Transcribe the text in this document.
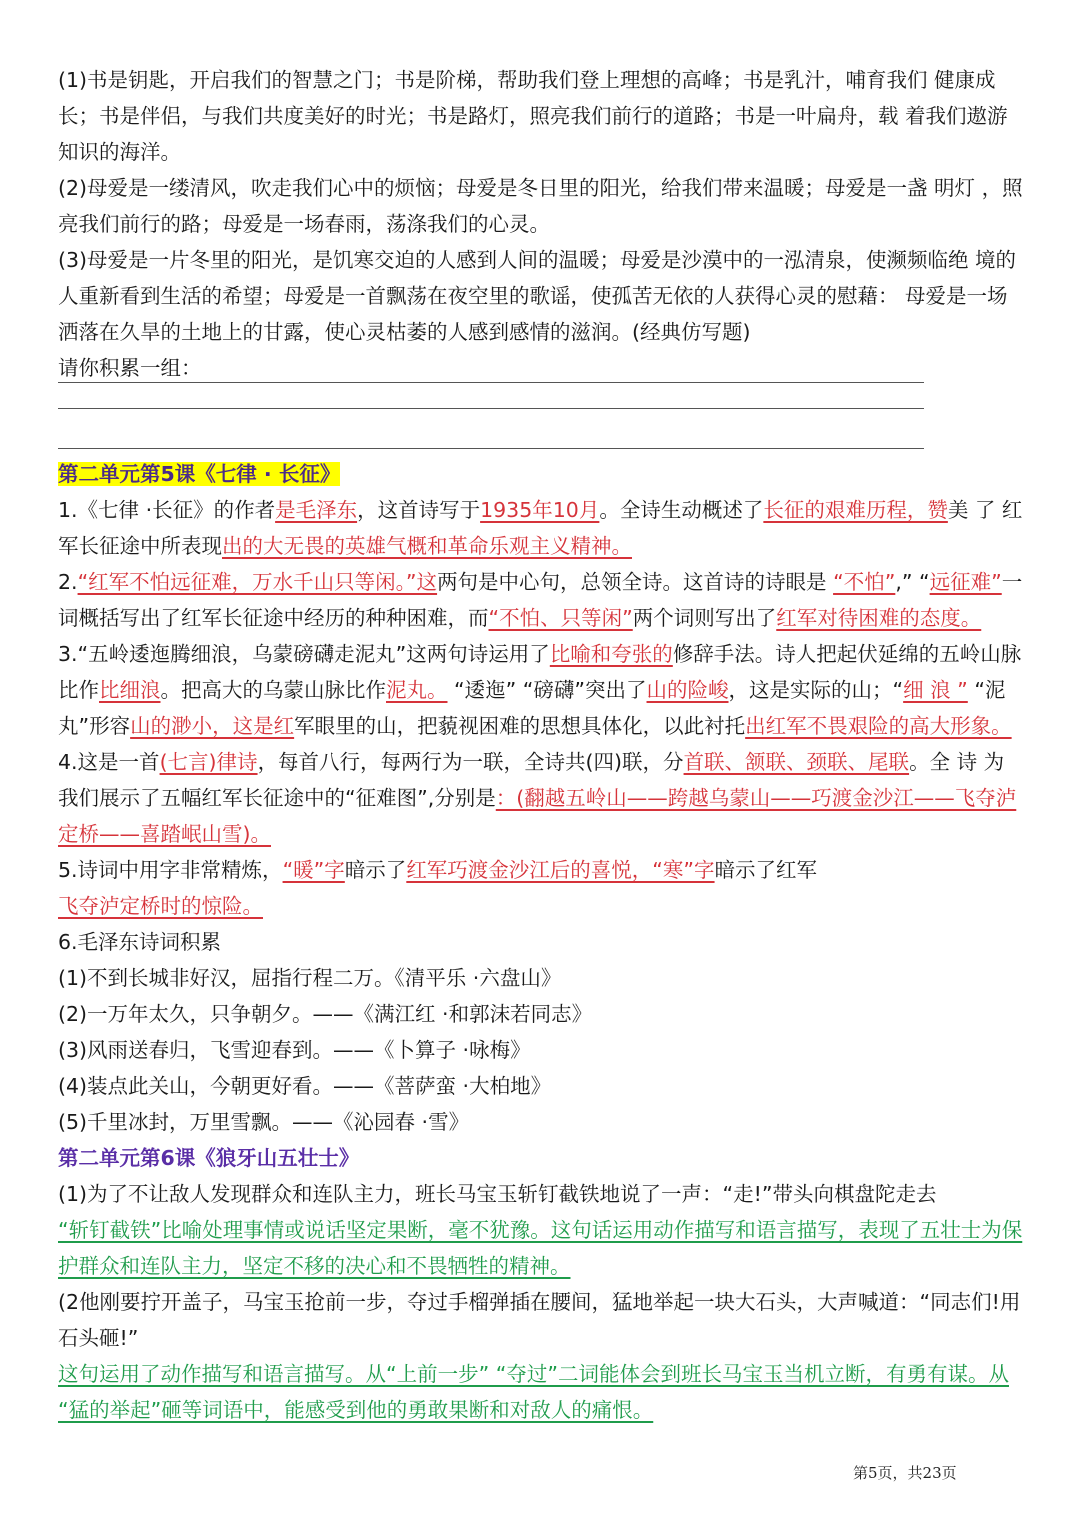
(1)书是钥匙，开启我们的智慧之门；书是阶梯，帮助我们登上理想的高峰；书是乳汁，哺育我们 健康成长；书是伴侣，与我们共度美好的时光；书是路灯，照亮我们前行的道路；书是一叶扁舟，载 着我们遨游知识的海洋。

(2)母爱是一缕清风，吹走我们心中的烦恼；母爱是冬日里的阳光，给我们带来温暖；母爱是一盏 明灯 ，照亮我们前行的路；母爱是一场春雨，荡涤我们的心灵。

(3)母爱是一片冬里的阳光，是饥寒交迫的人感到人间的温暖；母爱是沙漠中的一泓清泉，使濒频临绝 境的人重新看到生活的希望；母爱是一首飘荡在夜空里的歌谣，使孤苦无依的人获得心灵的慰藉： 母爱是一场洒落在久旱的土地上的甘露，使心灵枯萎的人感到感情的滋润。(经典仿写题)

请你积累一组：

第二单元第5课《七律 · 长征》

1.《七律 ·长征》的作者是毛泽东，这首诗写于1935年10月。全诗生动概述了长征的艰难历程，赞美 了 红军长征途中所表现出的大无畏的英雄气概和革命乐观主义精神。

2.“红军不怕远征难，万水千山只等闲。”这两句是中心句，总领全诗。这首诗的诗眼是 “不怕”,” “远征难”一词概括写出了红军长征途中经历的种种困难，而“不怕、只等闲”两个词则写出了红军对待困难的态度。

3.“五岭逶迤腾细浪，乌蒙磅礴走泥丸”这两句诗运用了比喻和夸张的修辞手法。诗人把起伏延绵的五岭山脉比作比细浪。把高大的乌蒙山脉比作泥丸。 “逶迤” “磅礴”突出了山的险峻，这是实际的山；“细 浪 ” “泥丸”形容山的渺小，这是红军眼里的山，把藐视困难的思想具体化，以此衬托出红军不畏艰险的高大形象。

4.这是一首(七言)律诗，每首八行，每两行为一联，全诗共(四)联，分首联、颔联、颈联、尾联。全 诗 为我们展示了五幅红军长征途中的“征难图”,分别是：(翻越五岭山——跨越乌蒙山——巧渡金沙江——飞夺泸定桥——喜踏岷山雪)。

5.诗词中用字非常精炼，“暖”字暗示了红军巧渡金沙江后的喜悦，“寒”字暗示了红军
飞夺泸定桥时的惊险。

6.毛泽东诗词积累

(1)不到长城非好汉，屈指行程二万。《清平乐 ·六盘山》

(2)一万年太久，只争朝夕。——《满江红 ·和郭沫若同志》

(3)风雨送春归，飞雪迎春到。——《卜算子 ·咏梅》

(4)装点此关山，今朝更好看。——《菩萨蛮 ·大柏地》

(5)千里冰封，万里雪飘。——《沁园春 ·雪》

第二单元第6课《狼牙山五壮士》

(1)为了不让敌人发现群众和连队主力，班长马宝玉斩钉截铁地说了一声：“走!”带头向棋盘陀走去

“斩钉截铁”比喻处理事情或说话坚定果断，毫不犹豫。这句话运用动作描写和语言描写，表现了五壮士为保护群众和连队主力，坚定不移的决心和不畏牺牲的精神。

(2他刚要拧开盖子，马宝玉抢前一步，夺过手榴弹插在腰间，猛地举起一块大石头，大声喊道：“同志们!用石头砸!”

这句运用了动作描写和语言描写。从“上前一步” “夺过”二词能体会到班长马宝玉当机立断，有勇有谋。从 “猛的举起”砸等词语中，能感受到他的勇敢果断和对敌人的痛恨。

第5页，共23页
